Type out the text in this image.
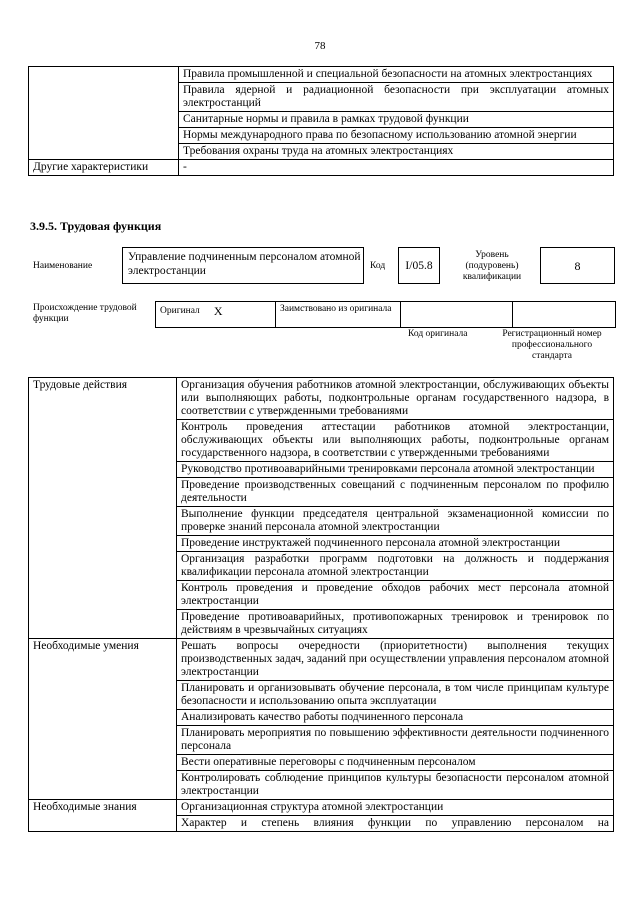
78
	Правила промышленной и специальной безопасности на атомных электростанциях
	Правила ядерной и радиационной безопасности при эксплуатации атомных электростанций
	Санитарные нормы и правила в рамках трудовой функции
	Нормы международного права по безопасному использованию атомной энергии
	Требования охраны труда на атомных электростанциях
Другие характеристики	-
3.9.5. Трудовая функция
Наименование
Управление подчиненным персоналом атомной электростанции	Код	I/05.8
Уровень (подуровень) квалификации
8
Происхождение трудовой функции
Оригинал X	Заимствовано из оригинала		
Код оригинала	Регистрационный номер профессионального стандарта
Трудовые действия	Организация обучения работников атомной электростанции, обслуживающих объекты или выполняющих работы, подконтрольные органам государственного надзора, в соответствии с утвержденными требованиями
	Контроль проведения аттестации работников атомной электростанции, обслуживающих объекты или выполняющих работы, подконтрольные органам государственного надзора, в соответствии с утвержденными требованиями
	Руководство противоаварийными тренировками персонала атомной электростанции
	Проведение производственных совещаний с подчиненным персоналом по профилю деятельности
	Выполнение функции председателя центральной экзаменационной комиссии по проверке знаний персонала атомной электростанции
	Проведение инструктажей подчиненного персонала атомной электростанции
	Организация разработки программ подготовки на должность и поддержания квалификации персонала атомной электростанции
	Контроль проведения и проведение обходов рабочих мест персонала атомной электростанции
	Проведение противоаварийных, противопожарных тренировок и тренировок по действиям в чрезвычайных ситуациях
Необходимые умения	Решать вопросы очередности (приоритетности) выполнения текущих производственных задач, заданий при осуществлении управления персоналом атомной электростанции
	Планировать и организовывать обучение персонала, в том числе принципам культуре безопасности и использованию опыта эксплуатации
	Анализировать качество работы подчиненного персонала
	Планировать мероприятия по повышению эффективности деятельности подчиненного персонала
	Вести оперативные переговоры с подчиненным персоналом
	Контролировать соблюдение принципов культуры безопасности персоналом атомной электростанции
Необходимые знания	Организационная структура атомной электростанции
	Характер и степень влияния функции по управлению персоналом на
